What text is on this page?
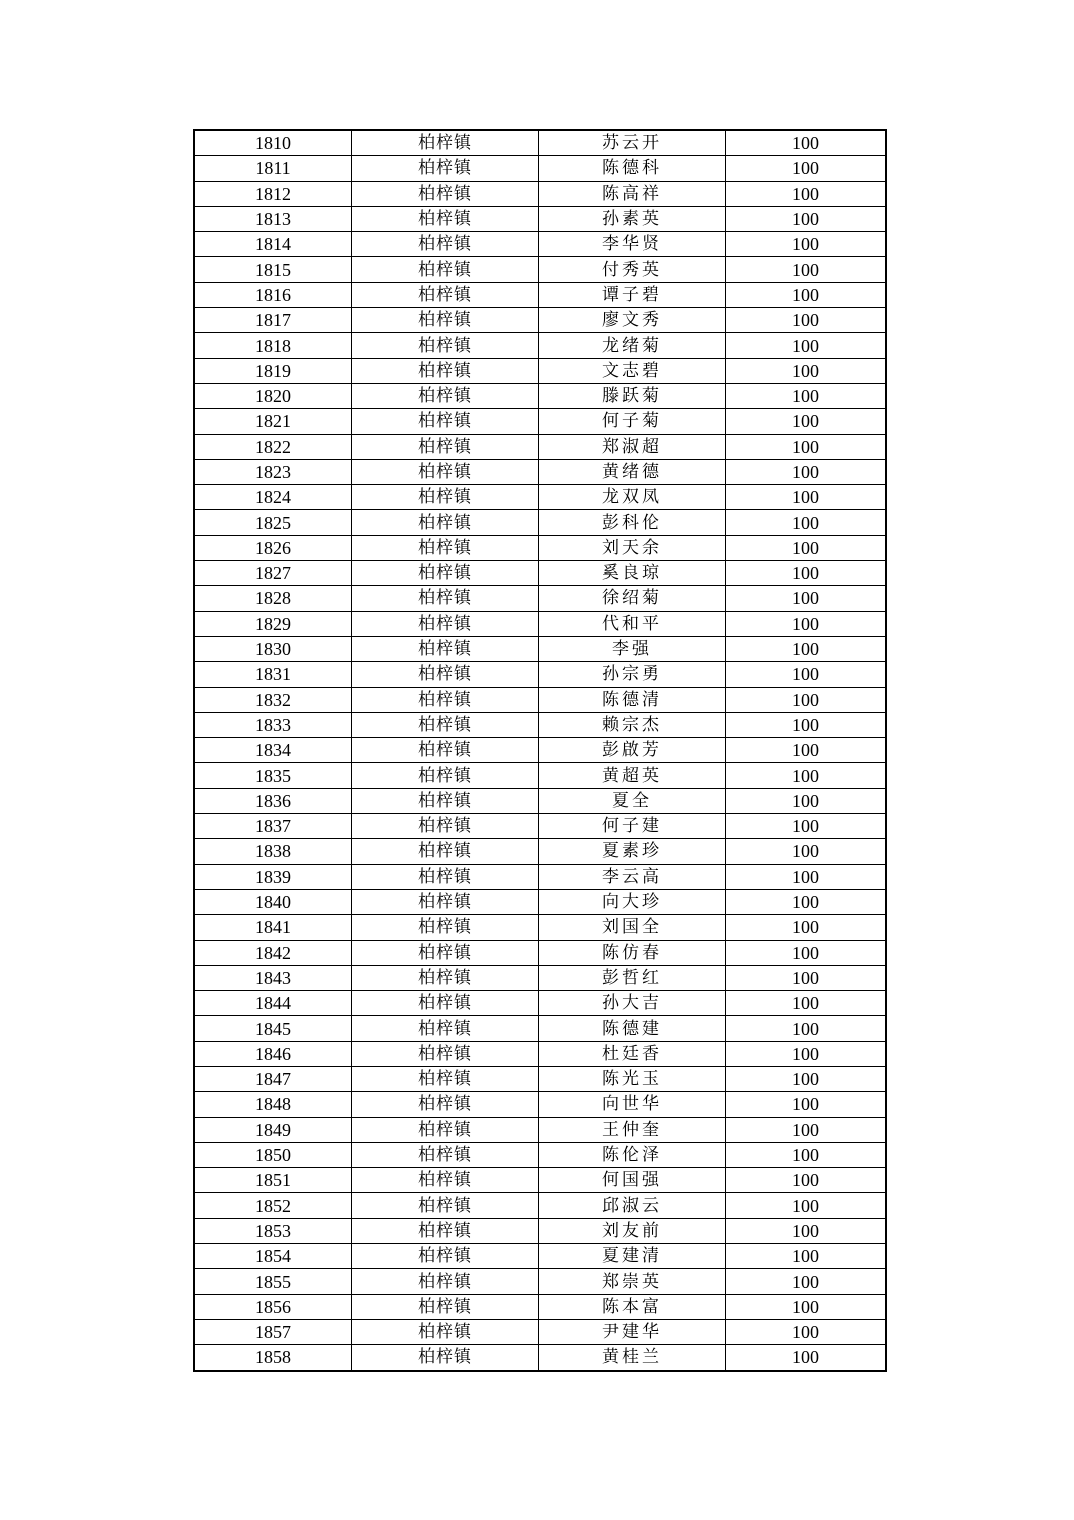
1810	柏梓镇	苏云开	100
1811	柏梓镇	陈德科	100
1812	柏梓镇	陈高祥	100
1813	柏梓镇	孙素英	100
1814	柏梓镇	李华贤	100
1815	柏梓镇	付秀英	100
1816	柏梓镇	谭子碧	100
1817	柏梓镇	廖文秀	100
1818	柏梓镇	龙绪菊	100
1819	柏梓镇	文志碧	100
1820	柏梓镇	滕跃菊	100
1821	柏梓镇	何子菊	100
1822	柏梓镇	郑淑超	100
1823	柏梓镇	黄绪德	100
1824	柏梓镇	龙双凤	100
1825	柏梓镇	彭科伦	100
1826	柏梓镇	刘天余	100
1827	柏梓镇	奚良琼	100
1828	柏梓镇	徐绍菊	100
1829	柏梓镇	代和平	100
1830	柏梓镇	李强	100
1831	柏梓镇	孙宗勇	100
1832	柏梓镇	陈德清	100
1833	柏梓镇	赖宗杰	100
1834	柏梓镇	彭啟芳	100
1835	柏梓镇	黄超英	100
1836	柏梓镇	夏全	100
1837	柏梓镇	何子建	100
1838	柏梓镇	夏素珍	100
1839	柏梓镇	李云高	100
1840	柏梓镇	向大珍	100
1841	柏梓镇	刘国全	100
1842	柏梓镇	陈仿春	100
1843	柏梓镇	彭哲红	100
1844	柏梓镇	孙大吉	100
1845	柏梓镇	陈德建	100
1846	柏梓镇	杜廷香	100
1847	柏梓镇	陈光玉	100
1848	柏梓镇	向世华	100
1849	柏梓镇	王仲奎	100
1850	柏梓镇	陈伦泽	100
1851	柏梓镇	何国强	100
1852	柏梓镇	邱淑云	100
1853	柏梓镇	刘友前	100
1854	柏梓镇	夏建清	100
1855	柏梓镇	郑崇英	100
1856	柏梓镇	陈本富	100
1857	柏梓镇	尹建华	100
1858	柏梓镇	黄桂兰	100
